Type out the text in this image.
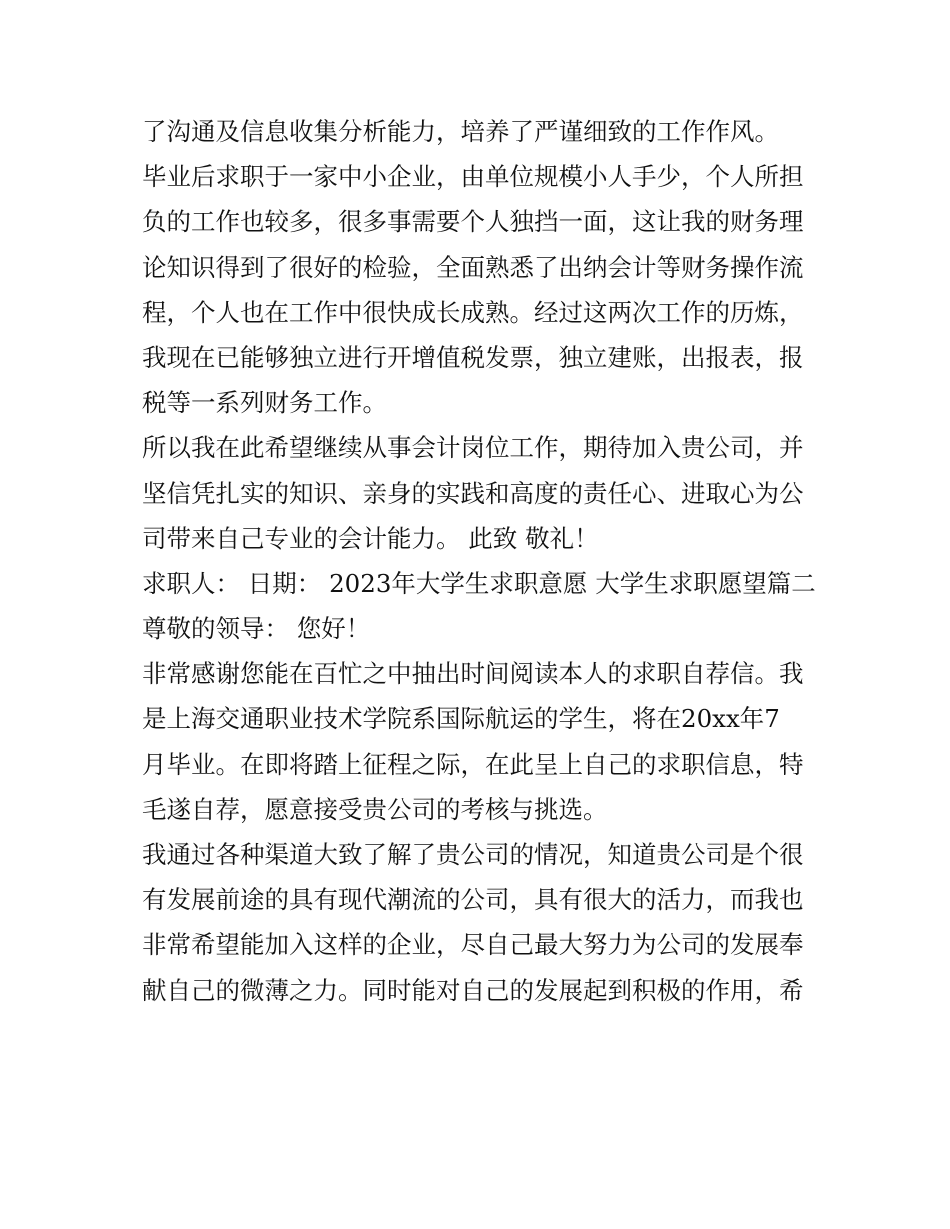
了沟通及信息收集分析能力，培养了严谨细致的工作作风。
毕业后求职于一家中小企业，由单位规模小人手少，个人所担
负的工作也较多，很多事需要个人独挡一面，这让我的财务理
论知识得到了很好的检验，全面熟悉了出纳会计等财务操作流
程，个人也在工作中很快成长成熟。经过这两次工作的历炼，
我现在已能够独立进行开增值税发票，独立建账，出报表，报
税等一系列财务工作。
所以我在此希望继续从事会计岗位工作，期待加入贵公司，并
坚信凭扎实的知识、亲身的实践和高度的责任心、进取心为公
司带来自己专业的会计能力。 此致 敬礼！
求职人： 日期： 2023年大学生求职意愿 大学生求职愿望篇二
尊敬的领导： 您好！
非常感谢您能在百忙之中抽出时间阅读本人的求职自荐信。我
是上海交通职业技术学院系国际航运的学生，将在20xx年7
月毕业。在即将踏上征程之际，在此呈上自己的求职信息，特
毛遂自荐，愿意接受贵公司的考核与挑选。
我通过各种渠道大致了解了贵公司的情况，知道贵公司是个很
有发展前途的具有现代潮流的公司，具有很大的活力，而我也
非常希望能加入这样的企业，尽自己最大努力为公司的发展奉
献自己的微薄之力。同时能对自己的发展起到积极的作用，希
